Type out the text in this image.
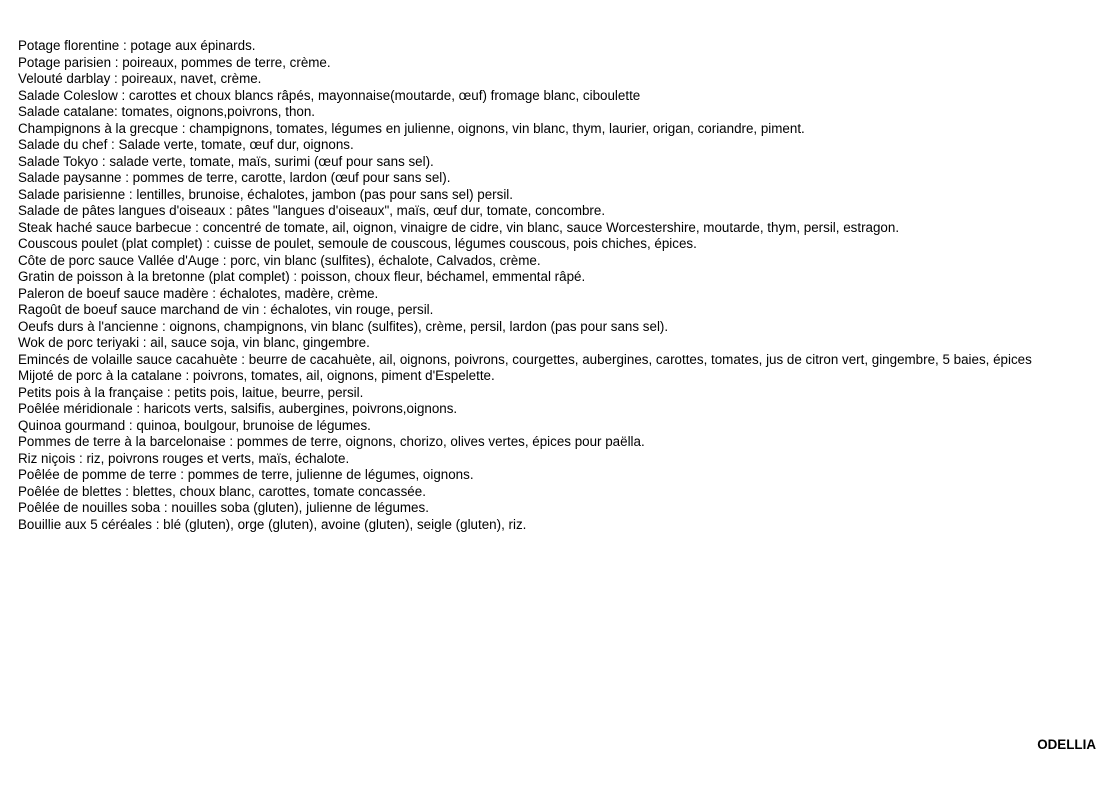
Potage florentine : potage aux épinards.
Potage parisien : poireaux, pommes de terre, crème.
Velouté darblay : poireaux, navet, crème.
Salade Coleslow : carottes et choux blancs râpés, mayonnaise(moutarde, œuf) fromage blanc, ciboulette
Salade catalane: tomates, oignons,poivrons, thon.
Champignons à la grecque : champignons, tomates, légumes en julienne, oignons, vin blanc, thym, laurier, origan, coriandre, piment.
Salade du chef : Salade verte, tomate, œuf dur, oignons.
Salade Tokyo : salade verte, tomate, maïs, surimi (œuf pour sans sel).
Salade paysanne : pommes de terre, carotte, lardon (œuf pour sans sel).
Salade parisienne : lentilles, brunoise, échalotes, jambon (pas pour sans sel) persil.
Salade de pâtes langues d'oiseaux : pâtes "langues d'oiseaux", maïs, œuf dur, tomate, concombre.
Steak haché sauce barbecue : concentré de tomate, ail, oignon, vinaigre de cidre, vin blanc, sauce Worcestershire, moutarde, thym, persil, estragon.
Couscous poulet (plat complet) : cuisse de poulet, semoule de couscous, légumes couscous, pois chiches, épices.
Côte de porc sauce Vallée d'Auge : porc, vin blanc (sulfites), échalote, Calvados, crème.
Gratin de poisson à la bretonne (plat complet) : poisson, choux fleur, béchamel, emmental râpé.
Paleron de boeuf sauce madère : échalotes, madère, crème.
Ragoût de boeuf sauce marchand de vin : échalotes, vin rouge, persil.
Oeufs durs à l'ancienne : oignons, champignons, vin blanc (sulfites), crème, persil, lardon (pas pour sans sel).
Wok de porc teriyaki : ail, sauce soja, vin blanc, gingembre.
Emincés de volaille sauce cacahuète : beurre de cacahuète, ail, oignons, poivrons, courgettes, aubergines, carottes, tomates, jus de citron vert, gingembre, 5 baies, épices
Mijoté de porc à la catalane : poivrons, tomates, ail, oignons, piment d'Espelette.
Petits pois à la française : petits pois, laitue, beurre, persil.
Poêlée méridionale : haricots verts, salsifis, aubergines, poivrons,oignons.
Quinoa gourmand : quinoa, boulgour, brunoise de légumes.
Pommes de terre à la barcelonaise : pommes de terre, oignons, chorizo, olives vertes, épices pour paëlla.
Riz niçois : riz, poivrons rouges et verts, maïs, échalote.
Poêlée de pomme de terre : pommes de terre, julienne de légumes, oignons.
Poêlée de blettes : blettes, choux blanc, carottes, tomate concassée.
Poêlée de nouilles soba : nouilles soba (gluten), julienne de légumes.
Bouillie aux 5 céréales : blé (gluten), orge (gluten), avoine (gluten), seigle (gluten), riz.
ODELLIA
